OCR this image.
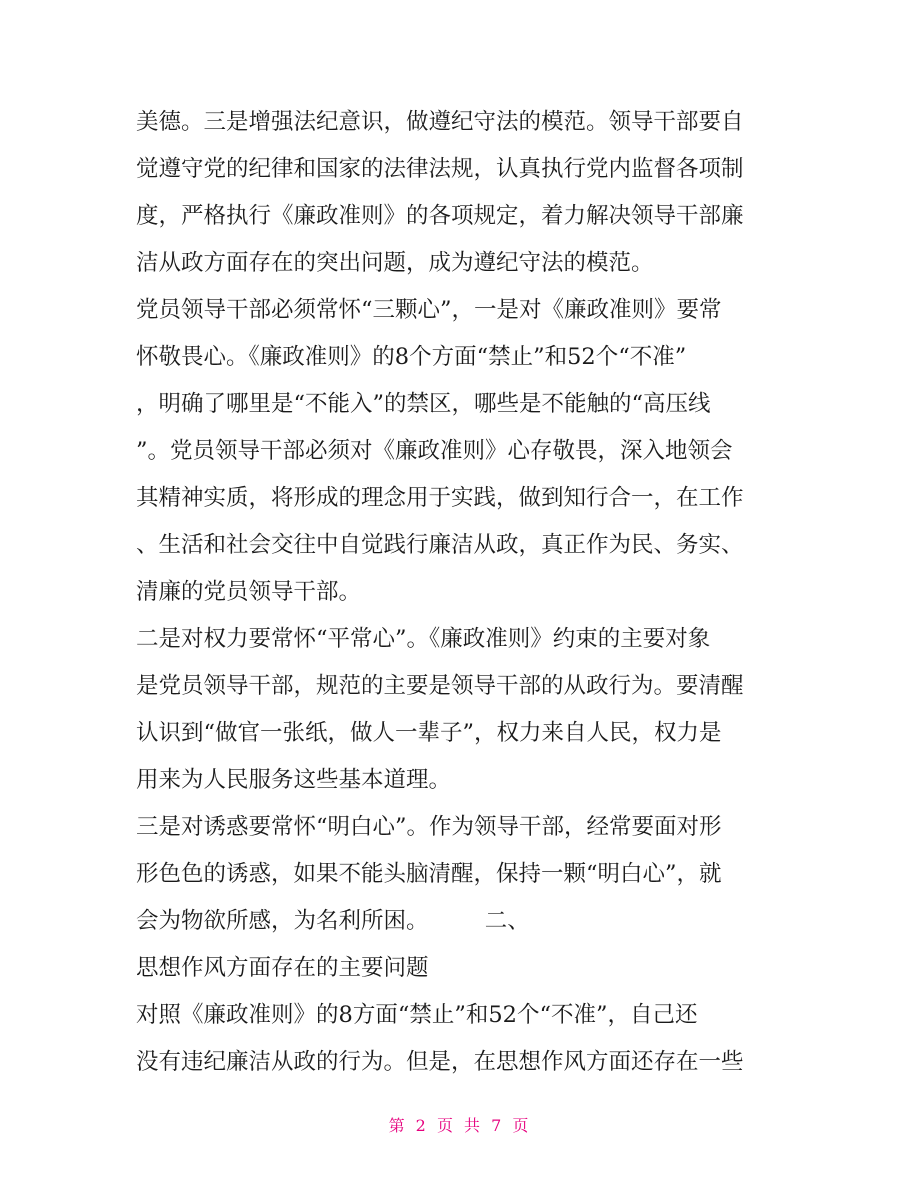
美德。三是增强法纪意识，做遵纪守法的模范。领导干部要自
觉遵守党的纪律和国家的法律法规，认真执行党内监督各项制
度，严格执行《廉政准则》的各项规定，着力解决领导干部廉
洁从政方面存在的突出问题，成为遵纪守法的模范。
党员领导干部必须常怀“三颗心”，一是对《廉政准则》要常
怀敬畏心。《廉政准则》的8个方面“禁止”和52个“不准”
，明确了哪里是“不能入”的禁区，哪些是不能触的“高压线
”。党员领导干部必须对《廉政准则》心存敬畏，深入地领会
其精神实质，将形成的理念用于实践，做到知行合一，在工作
、生活和社会交往中自觉践行廉洁从政，真正作为民、务实、
清廉的党员领导干部。
二是对权力要常怀“平常心”。《廉政准则》约束的主要对象
是党员领导干部，规范的主要是领导干部的从政行为。要清醒
认识到“做官一张纸，做人一辈子”，权力来自人民，权力是
用来为人民服务这些基本道理。
三是对诱惑要常怀“明白心”。作为领导干部，经常要面对形
形色色的诱惑，如果不能头脑清醒，保持一颗“明白心”，就
会为物欲所感，为名利所困。　　　二、
思想作风方面存在的主要问题
对照《廉政准则》的8方面“禁止”和52个“不准”，自己还
没有违纪廉洁从政的行为。但是，在思想作风方面还存在一些
第 2 页 共 7 页
